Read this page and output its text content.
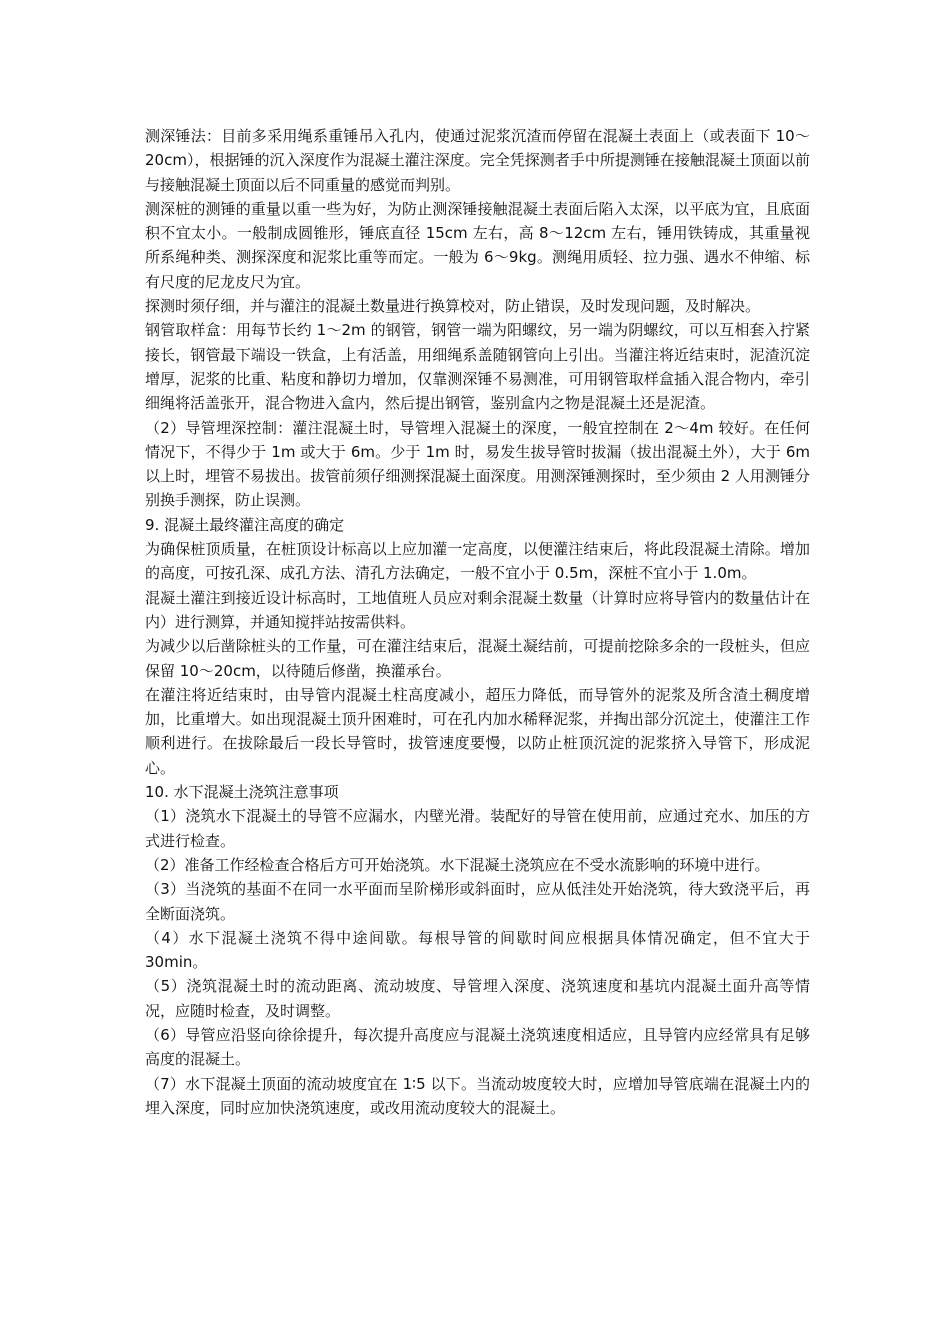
测深锤法：目前多采用绳系重锤吊入孔内，使通过泥浆沉渣而停留在混凝土表面上（或表面下 10～20cm），根据锤的沉入深度作为混凝土灌注深度。完全凭探测者手中所提测锤在接触混凝土顶面以前与接触混凝土顶面以后不同重量的感觉而判别。

测深桩的测锤的重量以重一些为好，为防止测深锤接触混凝土表面后陷入太深，以平底为宜，且底面积不宜太小。一般制成圆锥形，锤底直径 15cm 左右，高 8～12cm 左右，锤用铁铸成，其重量视所系绳种类、测探深度和泥浆比重等而定。一般为 6～9kg。测绳用质轻、拉力强、遇水不伸缩、标有尺度的尼龙皮尺为宜。

探测时须仔细，并与灌注的混凝土数量进行换算校对，防止错误，及时发现问题，及时解决。

钢管取样盒：用每节长约 1～2m 的钢管，钢管一端为阳螺纹，另一端为阴螺纹，可以互相套入拧紧接长，钢管最下端设一铁盒，上有活盖，用细绳系盖随钢管向上引出。当灌注将近结束时，泥渣沉淀增厚，泥浆的比重、粘度和静切力增加，仅靠测深锤不易测准，可用钢管取样盒插入混合物内，牵引细绳将活盖张开，混合物进入盒内，然后提出钢管，鉴别盒内之物是混凝土还是泥渣。

（2）导管埋深控制：灌注混凝土时，导管埋入混凝土的深度，一般宜控制在 2～4m 较好。在任何情况下，不得少于 1m 或大于 6m。少于 1m 时，易发生拔导管时拔漏（拔出混凝土外），大于 6m 以上时，埋管不易拔出。拔管前须仔细测探混凝土面深度。用测深锤测探时，至少须由 2 人用测锤分别换手测探，防止误测。

9. 混凝土最终灌注高度的确定

为确保桩顶质量，在桩顶设计标高以上应加灌一定高度，以便灌注结束后，将此段混凝土清除。增加的高度，可按孔深、成孔方法、清孔方法确定，一般不宜小于 0.5m，深桩不宜小于 1.0m。

混凝土灌注到接近设计标高时，工地值班人员应对剩余混凝土数量（计算时应将导管内的数量估计在内）进行测算，并通知搅拌站按需供料。

为减少以后凿除桩头的工作量，可在灌注结束后，混凝土凝结前，可提前挖除多余的一段桩头，但应保留 10～20cm，以待随后修凿，换灌承台。

在灌注将近结束时，由导管内混凝土柱高度减小，超压力降低，而导管外的泥浆及所含渣土稠度增加，比重增大。如出现混凝土顶升困难时，可在孔内加水稀释泥浆，并掏出部分沉淀土，使灌注工作顺利进行。在拔除最后一段长导管时，拔管速度要慢，以防止桩顶沉淀的泥浆挤入导管下，形成泥心。

10. 水下混凝土浇筑注意事项

（1）浇筑水下混凝土的导管不应漏水，内壁光滑。装配好的导管在使用前，应通过充水、加压的方式进行检查。

（2）准备工作经检查合格后方可开始浇筑。水下混凝土浇筑应在不受水流影响的环境中进行。

（3）当浇筑的基面不在同一水平面而呈阶梯形或斜面时，应从低洼处开始浇筑，待大致浇平后，再全断面浇筑。

（4）水下混凝土浇筑不得中途间歇。每根导管的间歇时间应根据具体情况确定，但不宜大于 30min。

（5）浇筑混凝土时的流动距离、流动坡度、导管埋入深度、浇筑速度和基坑内混凝土面升高等情况，应随时检查，及时调整。

（6）导管应沿竖向徐徐提升，每次提升高度应与混凝土浇筑速度相适应，且导管内应经常具有足够高度的混凝土。

（7）水下混凝土顶面的流动坡度宜在 1∶5 以下。当流动坡度较大时，应增加导管底端在混凝土内的埋入深度，同时应加快浇筑速度，或改用流动度较大的混凝土。
